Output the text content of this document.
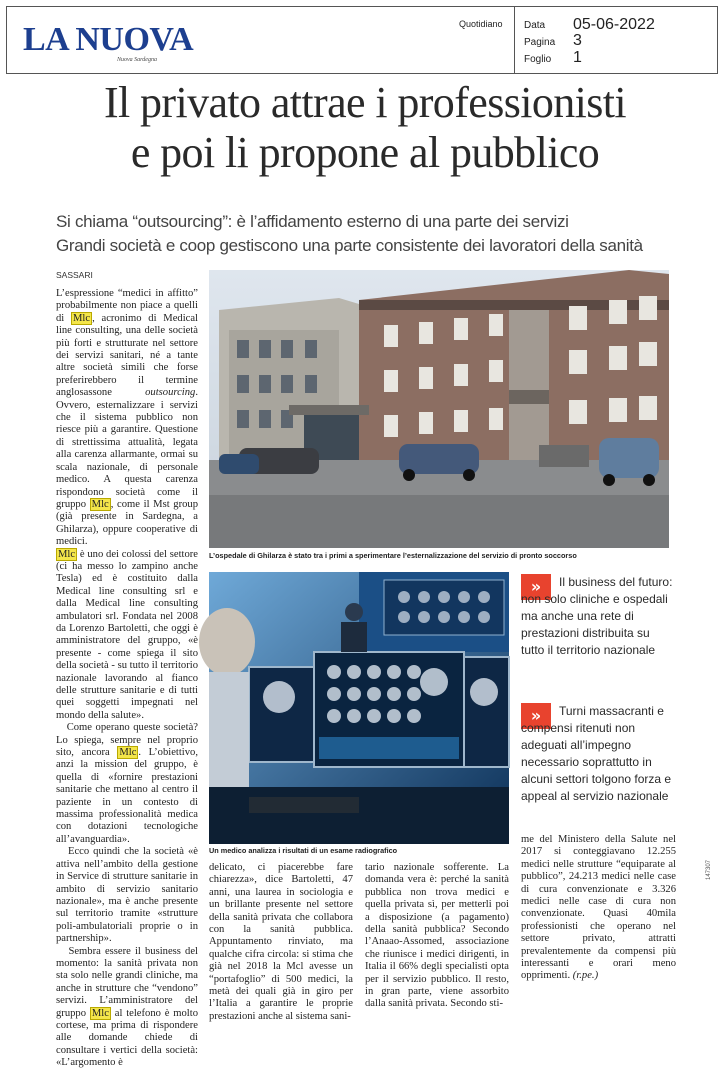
LA NUOVA
Nuova Sardegna
Quotidiano Data 05-06-2022
Pagina 3
Foglio 1
Il privato attrae i professionisti
e poi li propone al pubblico
Si chiama “outsourcing”: è l’affidamento esterno di una parte dei servizi
Grandi società e coop gestiscono una parte consistente dei lavoratori della sanità
SASSARI

L’espressione “medici in affitto” probabilmente non piace a quelli di Mlc , acronimo di Medical line consulting, una delle società più forti e strutturate nel settore dei servizi sanitari, né a tante altre società simili che forse preferirebbero il termine anglosassone	outsourcing. Ovvero, esternalizzare i servizi che il sistema pubblico non riesce più a garantire. Questione di strettissima attualità, legata alla carenza allarmante, ormai su scala nazionale, di personale medico. A questa carenza rispondono società come il gruppo Mlc , come il Mst group (già presente in Sardegna, a Ghilarza), oppure cooperative di medici.

Mlc è uno dei colossi del settore (ci ha messo lo zampino anche Tesla) ed è costituito dalla Medical line consulting srl e dalla Medical line consulting ambulatori srl. Fondata nel 2008 da Lorenzo Bartoletti, che oggi è amministratore del gruppo, «è presente - come spiega il sito della società - su tutto il territorio nazionale lavorando al fianco delle strutture sanitarie e di tutti quei soggetti impegnati nel mondo della salute».

Come operano queste società? Lo spiega, sempre nel proprio sito, ancora Mlc . L’obiettivo, anzi la mission del gruppo, è quella di «fornire prestazioni sanitarie che mettano al centro il paziente in un contesto di massima professionalità medica con dotazioni tecnologiche all’avanguardia».

Ecco quindi che la società «è attiva nell’ambito della gestione in Service di strutture sanitarie in ambito di servizio sanitario nazionale», ma è anche presente sul territorio tramite «strutture poli-ambulatoriali proprie o in partnership».

Sembra essere il business del momento: la sanità privata non sta solo nelle grandi cliniche, ma anche in strutture che “vendono” servizi. L’amministratore del gruppo Mlc al telefono è molto cortese, ma prima di rispondere alle domande chiede di consultare i vertici della società: «L’argomento è

L’ospedale di Ghilarza è stato tra i primi a sperimentare l’esternalizzazione del servizio di pronto soccorso
Un medico analizza i risultati di un esame radiografico
»	Il business del futuro: non solo cliniche e ospedali ma anche una rete di prestazioni distribuita su tutto il territorio nazionale
»	Turni massacranti e compensi ritenuti non adeguati all’impegno necessario soprattutto in alcuni settori tolgono forza e appeal al servizio nazionale

delicato, ci piacerebbe fare chiarezza», dice Bartoletti, 47 anni, una laurea in sociologia e un brillante presente nel settore della sanità privata che collabora con la sanità pubblica. Appuntamento rinviato, ma qualche cifra circola: si stima che già nel 2018 la Mcl avesse un “portafoglio” di 500 medici, la metà dei quali già in giro per l’Italia a garantire le proprie prestazioni anche al sistema sani-

tario nazionale sofferente. La domanda vera è: perché la sanità pubblica non trova medici e quella privata sì, per metterli poi a disposizione (a pagamento) della sanità pubblica? Secondo l’Anaao-Assomed, associazione che riunisce i medici dirigenti, in Italia il 66% degli specialisti opta per il servizio pubblico. Il resto, in gran parte, viene assorbito dalla sanità privata. Secondo sti-

me del Ministero della Salute nel 2017 si conteggiavano 12.255 medici nelle strutture “equiparate al pubblico”, 24.213 medici nelle case di cura convenzionate e 3.326 medici nelle case di cura non convenzionate. Quasi 40mila professionisti che operano nel settore privato, attratti prevalentemente da compensi più interessanti e orari meno opprimenti. (r.pe.)

147307
